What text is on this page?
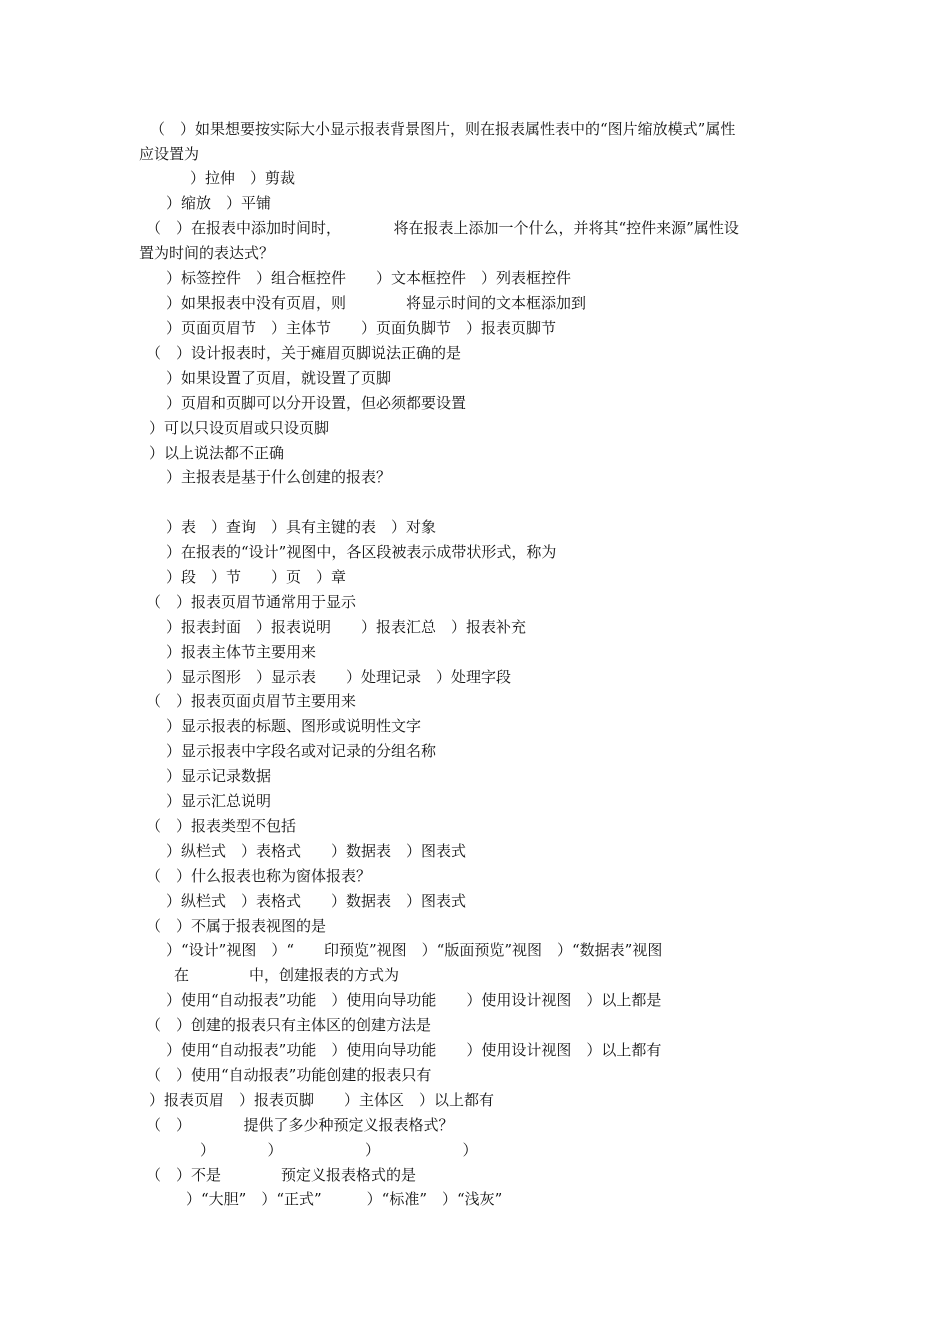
（　）如果想要按实际大小显示报表背景图片，则在报表属性表中的“图片缩放模式”属性
应设置为
）拉伸　）剪裁
）缩放　）平铺
（　）在报表中添加时间时，　　　　将在报表上添加一个什么，并将其“控件来源”属性设
置为时间的表达式？
）标签控件　）组合框控件　　）文本框控件　）列表框控件
）如果报表中没有页眉，则　　　　将显示时间的文本框添加到
）页面页眉节　）主体节　　）页面负脚节　）报表页脚节
（　）设计报表时，关于瘫眉页脚说法正确的是
）如果设置了页眉，就设置了页脚
）页眉和页脚可以分开设置，但必须都要设置
）可以只设页眉或只设页脚
）以上说法都不正确
）主报表是基于什么创建的报表？
）表　）查询　）具有主键的表　）对象
）在报表的“设计”视图中，各区段被表示成带状形式，称为
）段　）节　　）页　）章
（　）报表页眉节通常用于显示
）报表封面　）报表说明　　）报表汇总　）报表补充
）报表主体节主要用来
）显示图形　）显示表　　）处理记录　）处理字段
（　）报表页面贞眉节主要用来
）显示报表的标题、图形或说明性文字
）显示报表中字段名或对记录的分组名称
）显示记录数据
）显示汇总说明
（　）报表类型不包括
）纵栏式　）表格式　　）数据表　）图表式
（　）什么报表也称为窗体报表？
）纵栏式　）表格式　　）数据表　）图表式
（　）不属于报表视图的是
）“设计”视图　）“　　印预览”视图　）“版面预览”视图　）“数据表”视图
在　　　　中，创建报表的方式为
）使用“自动报表”功能　）使用向导功能　　）使用设计视图　）以上都是
（　）创建的报表只有主体区的创建方法是
）使用“自动报表”功能　）使用向导功能　　）使用设计视图　）以上都有
（　）使用“自动报表”功能创建的报表只有
）报表页眉　）报表页脚　　）主体区　）以上都有
（　）　　　　提供了多少种预定义报表格式？
）　　　　）　　　　　　）　　　　　　）
（　）不是　　　　预定义报表格式的是
）“大胆”　）“正式”　　　）“标准”　）“浅灰”
